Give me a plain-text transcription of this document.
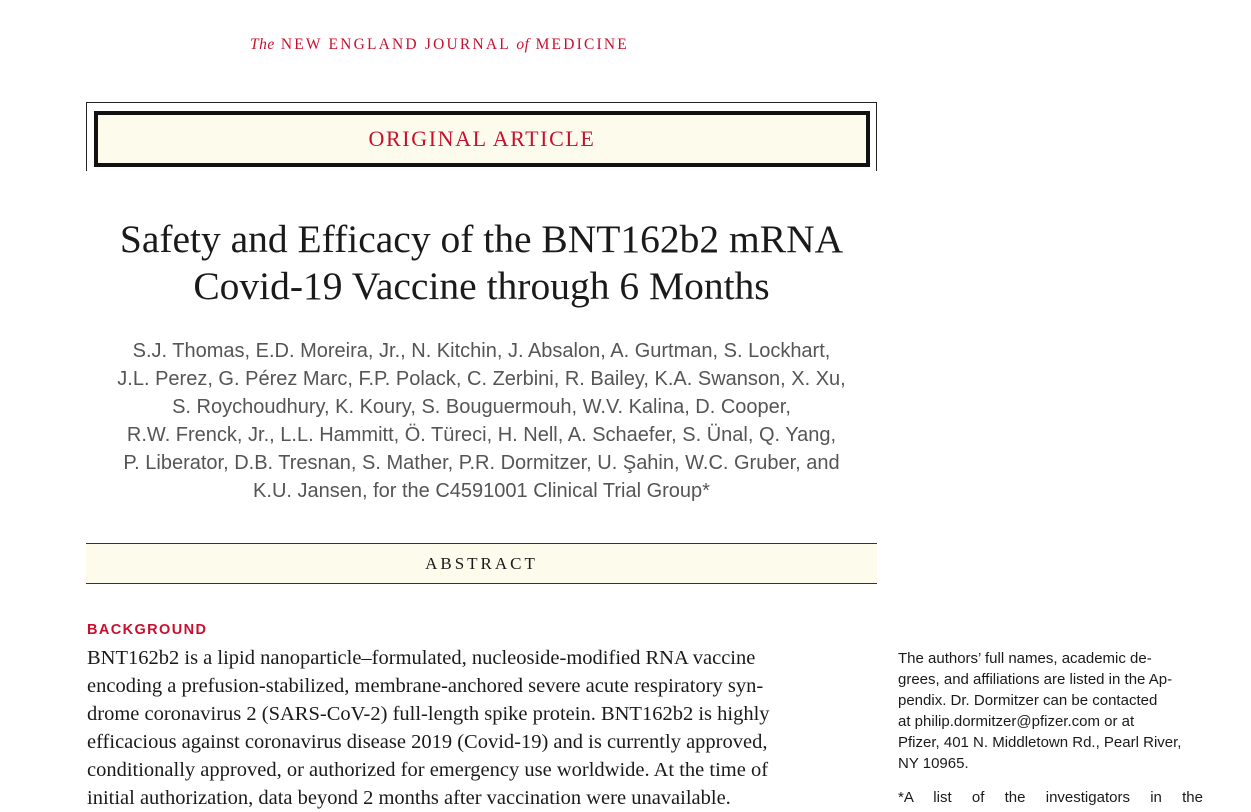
The NEW ENGLAND JOURNAL of MEDICINE
ORIGINAL ARTICLE
Safety and Efficacy of the BNT162b2 mRNA
Covid-19 Vaccine through 6 Months
S.J. Thomas, E.D. Moreira, Jr., N. Kitchin, J. Absalon, A. Gurtman, S. Lockhart,
J.L. Perez, G. Pérez Marc, F.P. Polack, C. Zerbini, R. Bailey, K.A. Swanson, X. Xu,
S. Roychoudhury, K. Koury, S. Bouguermouh, W.V. Kalina, D. Cooper,
R.W. Frenck, Jr., L.L. Hammitt, Ö. Türeci, H. Nell, A. Schaefer, S. Ünal, Q. Yang,
P. Liberator, D.B. Tresnan, S. Mather, P.R. Dormitzer, U. Şahin, W.C. Gruber, and
K.U. Jansen, for the C4591001 Clinical Trial Group*
ABSTRACT
BACKGROUND
BNT162b2 is a lipid nanoparticle–formulated, nucleoside-modified RNA vaccine
encoding a prefusion-stabilized, membrane-anchored severe acute respiratory syn-
drome coronavirus 2 (SARS-CoV-2) full-length spike protein. BNT162b2 is highly
efficacious against coronavirus disease 2019 (Covid-19) and is currently approved,
conditionally approved, or authorized for emergency use worldwide. At the time of
initial authorization, data beyond 2 months after vaccination were unavailable.
The authors’ full names, academic de-
grees, and affiliations are listed in the Ap-
pendix. Dr. Dormitzer can be contacted
at philip.dormitzer@pfizer.com or at
Pfizer, 401 N. Middletown Rd., Pearl River,
NY 10965.
*A list of the investigators in the
